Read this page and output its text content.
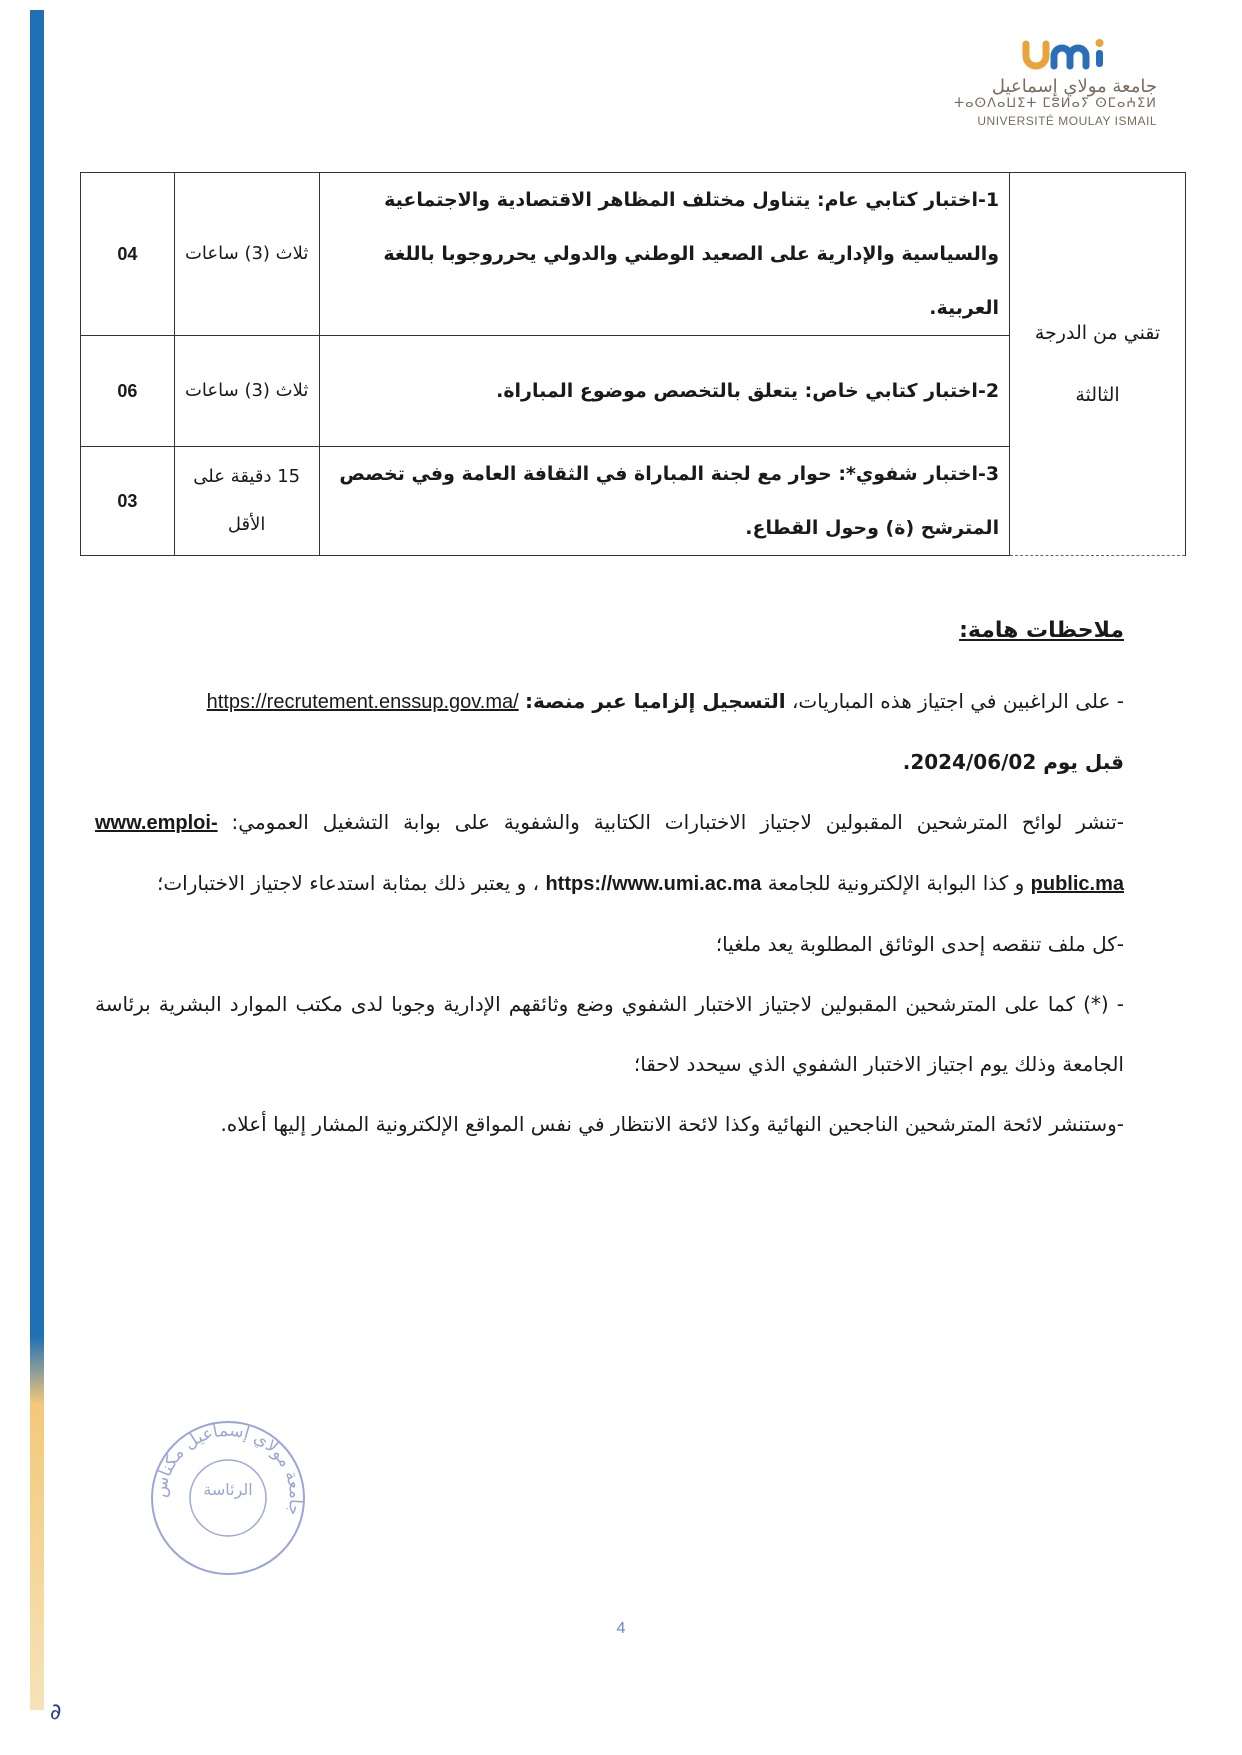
جامعة مولاي إسماعيل
ⵜⴰⵙⴷⴰⵡⵉⵜ ⵎⵓⵍⴰⵢ ⵙⵎⴰⵄⵉⵍ
UNIVERSITÉ MOULAY ISMAIL
تقني من الدرجة الثالثة	1-اختبار كتابي عام: يتناول مختلف المظاهر الاقتصادية والاجتماعية والسياسية والإدارية على الصعيد الوطني والدولي يحرروجوبا باللغة العربية.	ثلاث (3) ساعات	04
	2-اختبار كتابي خاص: يتعلق بالتخصص موضوع المباراة.	ثلاث (3) ساعات	06
	3-اختبار شفوي*: حوار مع لجنة المباراة في الثقافة العامة وفي تخصص المترشح (ة) وحول القطاع.	15 دقيقة على الأقل	03
ملاحظات هامة:

- على الراغبين في اجتياز هذه المباريات، التسجيل إلزاميا عبر منصة: https://recrutement.enssup.gov.ma/
قبل يوم 2024/06/02.

-تنشر لوائح المترشحين المقبولين لاجتياز الاختبارات الكتابية والشفوية على بوابة التشغيل العمومي: www.emploi-public.ma و كذا البوابة الإلكترونية للجامعة https://www.umi.ac.ma ، و يعتبر ذلك بمثابة استدعاء لاجتياز الاختبارات؛

-كل ملف تنقصه إحدى الوثائق المطلوبة يعد ملغيا؛

- (*) كما على المترشحين المقبولين لاجتياز الاختبار الشفوي وضع وثائقهم الإدارية وجوبا لدى مكتب الموارد البشرية برئاسة الجامعة وذلك يوم اجتياز الاختبار الشفوي الذي سيحدد لاحقا؛

-وستنشر لائحة المترشحين الناجحين النهائية وكذا لائحة الانتظار في نفس المواقع الإلكترونية المشار إليها أعلاه.

جامعة مولاي إسماعيل مكناس
الرئاسة
4
∂
